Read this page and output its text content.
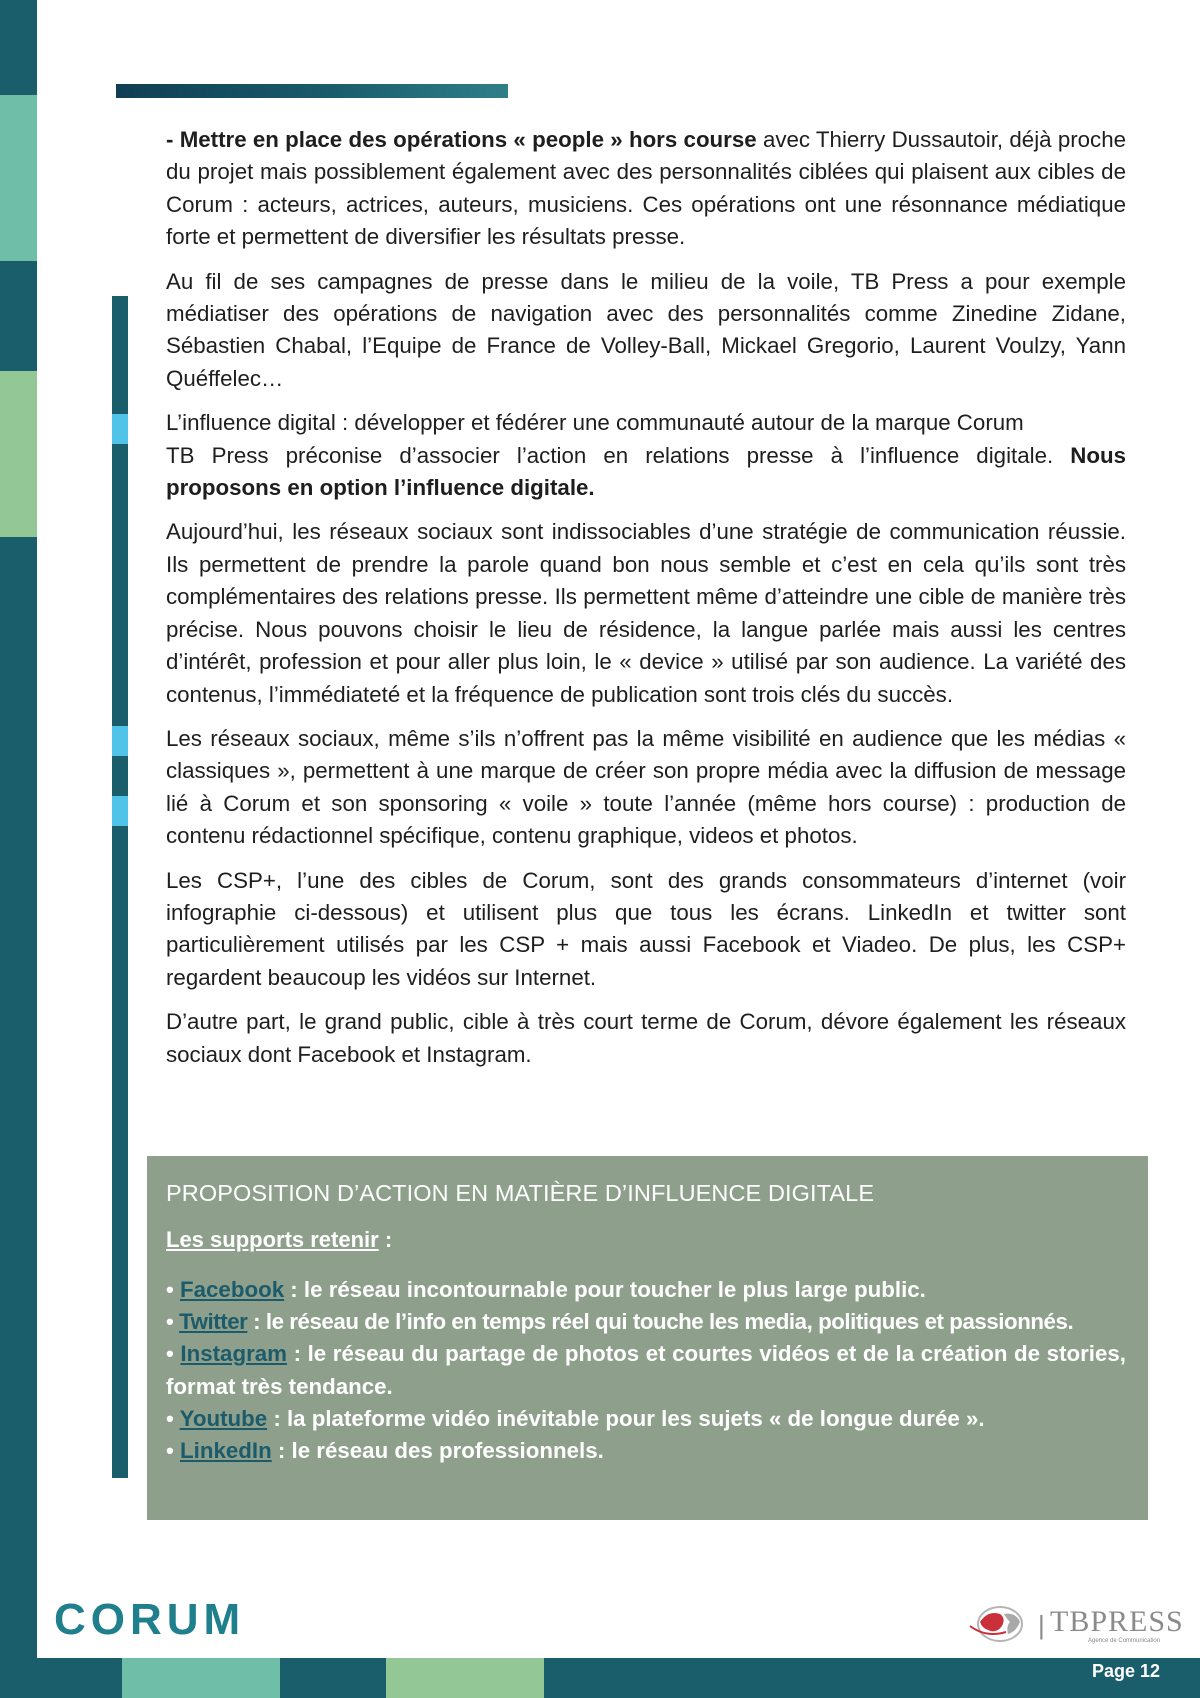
- Mettre en place des opérations « people » hors course avec Thierry Dussautoir, déjà proche du projet mais possiblement également avec des personnalités ciblées qui plaisent aux cibles de Corum : acteurs, actrices, auteurs, musiciens. Ces opérations ont une résonnance médiatique forte et permettent de diversifier les résultats presse.

Au fil de ses campagnes de presse dans le milieu de la voile, TB Press a pour exemple médiatiser des opérations de navigation avec des personnalités comme Zinedine Zidane, Sébastien Chabal, l’Equipe de France de Volley-Ball, Mickael Gregorio, Laurent Voulzy, Yann Quéffelec…

L’influence digital : développer et fédérer une communauté autour de la marque Corum
TB Press préconise d’associer l’action en relations presse à l’influence digitale. Nous proposons en option l’influence digitale.

Aujourd’hui, les réseaux sociaux sont indissociables d’une stratégie de communication réussie. Ils permettent de prendre la parole quand bon nous semble et c’est en cela qu’ils sont très complémentaires des relations presse. Ils permettent même d’atteindre une cible de manière très précise. Nous pouvons choisir le lieu de résidence, la langue parlée mais aussi les centres d’intérêt, profession et pour aller plus loin, le « device » utilisé par son audience. La variété des contenus, l’immédiateté et la fréquence de publication sont trois clés du succès.

Les réseaux sociaux, même s’ils n’offrent pas la même visibilité en audience que les médias « classiques », permettent à une marque de créer son propre média avec la diffusion de message lié à Corum et son sponsoring « voile » toute l’année (même hors course) : production de contenu rédactionnel spécifique, contenu graphique, videos et photos.

Les CSP+, l’une des cibles de Corum, sont des grands consommateurs d’internet (voir infographie ci-dessous) et utilisent plus que tous les écrans. LinkedIn et twitter sont particulièrement utilisés par les CSP + mais aussi Facebook et Viadeo. De plus, les CSP+ regardent beaucoup les vidéos sur Internet.

D’autre part, le grand public, cible à très court terme de Corum, dévore également les réseaux sociaux dont Facebook et Instagram.

PROPOSITION D’ACTION EN MATIÈRE D’INFLUENCE DIGITALE
Les supports retenir :
• Facebook : le réseau incontournable pour toucher le plus large public.
• Twitter : le réseau de l’info en temps réel qui touche les media, politiques et passionnés.
• Instagram : le réseau du partage de photos et courtes vidéos et de la création de stories, format très tendance.
• Youtube : la plateforme vidéo inévitable pour les sujets « de longue durée ».
• LinkedIn : le réseau des professionnels.
CORUM	| TBPRESS
Agence de Communication
Page 12
